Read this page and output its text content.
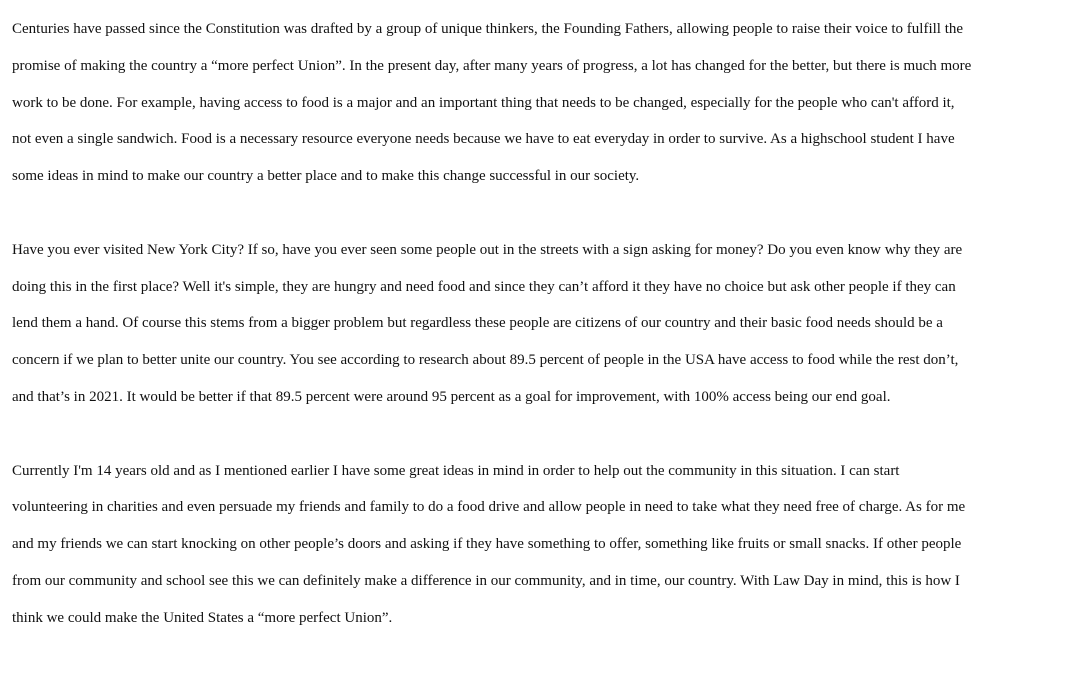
Centuries have passed since the Constitution was drafted by a group of unique thinkers, the Founding Fathers, allowing people to raise their voice to fulfill the
promise of making the country a “more perfect Union”. In the present day, after many years of progress, a lot has changed for the better, but there is much more
work to be done. For example, having access to food is a major and an important thing that needs to be changed, especially for the people who can't afford it,
not even a single sandwich. Food is a necessary resource everyone needs because we have to eat everyday in order to survive. As a highschool student I have
some ideas in mind to make our country a better place and to make this change successful in our society.

Have you ever visited New York City? If so, have you ever seen some people out in the streets with a sign asking for money? Do you even know why they are
doing this in the first place? Well it's simple, they are hungry and need food and since they can’t afford it they have no choice but ask other people if they can
lend them a hand. Of course this stems from a bigger problem but regardless these people are citizens of our country and their basic food needs should be a
concern if we plan to better unite our country. You see according to research about 89.5 percent of people in the USA have access to food while the rest don’t,
and that’s in 2021. It would be better if that 89.5 percent were around 95 percent as a goal for improvement, with 100% access being our end goal.

Currently I'm 14 years old and as I mentioned earlier I have some great ideas in mind in order to help out the community in this situation. I can start
volunteering in charities and even persuade my friends and family to do a food drive and allow people in need to take what they need free of charge. As for me
and my friends we can start knocking on other people’s doors and asking if they have something to offer, something like fruits or small snacks. If other people
from our community and school see this we can definitely make a difference in our community, and in time, our country. With Law Day in mind, this is how I
think we could make the United States a “more perfect Union”.
